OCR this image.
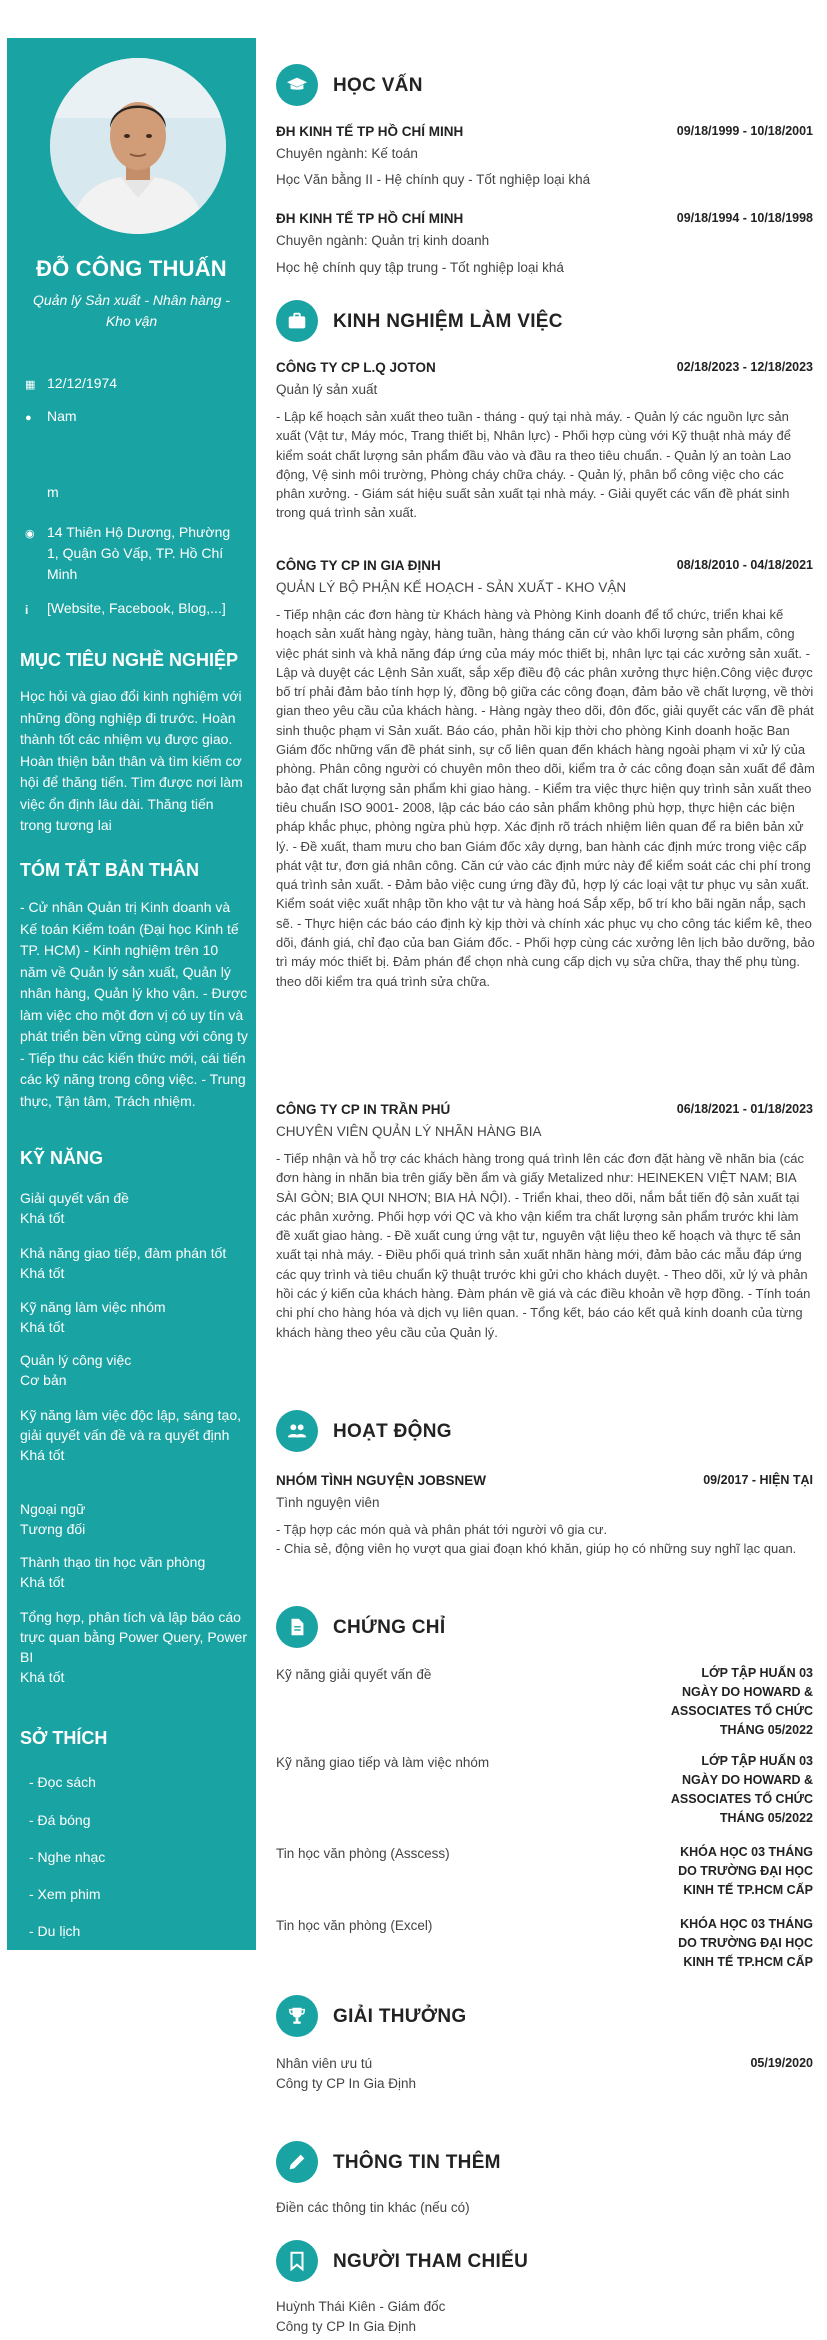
ĐỖ CÔNG THUẤN
Quản lý Sản xuất - Nhân hàng - Kho vận
▦ 12/12/1974
●	Nam
m
◉ 14 Thiên Hộ Dương, Phường 1, Quận Gò Vấp, TP. Hồ Chí Minh
i	[Website, Facebook, Blog,...]
MỤC TIÊU NGHỀ NGHIỆP
Học hỏi và giao đổi kinh nghiệm với những đồng nghiệp đi trước. Hoàn thành tốt các nhiệm vụ được giao. Hoàn thiện bản thân và tìm kiếm cơ hội để thăng tiến. Tìm được nơi làm việc ổn định lâu dài. Thăng tiến trong tương lai
TÓM TẮT BẢN THÂN
- Cử nhân Quản trị Kinh doanh và Kế toán Kiểm toán (Đại học Kinh tế TP. HCM) - Kinh nghiệm trên 10 năm về Quản lý sản xuất, Quản lý nhân hàng, Quản lý kho vận. - Được làm việc cho một đơn vị có uy tín và phát triển bền vững cùng với công ty - Tiếp thu các kiến thức mới, cái tiến các kỹ năng trong công việc. - Trung thực, Tận tâm, Trách nhiệm.
KỸ NĂNG
Giải quyết vấn đề
Khá tốt
Khả năng giao tiếp, đàm phán tốt
Khá tốt
Kỹ năng làm việc nhóm
Khá tốt
Quản lý công việc
Cơ bản
Kỹ năng làm việc độc lập, sáng tạo, giải quyết vấn đề và ra quyết định
Khá tốt
Ngoại ngữ
Tương đối
Thành thạo tin học văn phòng
Khá tốt
Tổng hợp, phân tích và lập báo cáo trực quan bằng Power Query, Power BI
Khá tốt
SỞ THÍCH
- Đọc sách
- Đá bóng
- Nghe nhạc
- Xem phim
- Du lịch
HỌC VẤN
ĐH KINH TẾ TP HỒ CHÍ MINH	09/18/1999 - 10/18/2001
Chuyên ngành: Kế toán
Học Văn bằng II - Hệ chính quy - Tốt nghiệp loại khá
ĐH KINH TẾ TP HỒ CHÍ MINH	09/18/1994 - 10/18/1998
Chuyên ngành: Quản trị kinh doanh
Học hệ chính quy tập trung - Tốt nghiệp loại khá
KINH NGHIỆM LÀM VIỆC
CÔNG TY CP L.Q JOTON	02/18/2023 - 12/18/2023
Quản lý sản xuất
- Lập kế hoạch sản xuất theo tuần - tháng - quý tại nhà máy. - Quản lý các nguồn lực sản xuất (Vật tư, Máy móc, Trang thiết bị, Nhân lực) - Phối hợp cùng với Kỹ thuật nhà máy để kiểm soát chất lượng sản phẩm đầu vào và đầu ra theo tiêu chuẩn. - Quản lý an toàn Lao động, Vệ sinh môi trường, Phòng cháy chữa cháy. - Quản lý, phân bổ công việc cho các phân xưởng. - Giám sát hiệu suất sản xuất tại nhà máy. - Giải quyết các vấn đề phát sinh trong quá trình sản xuất.
CÔNG TY CP IN GIA ĐỊNH	08/18/2010 - 04/18/2021
QUẢN LÝ BỘ PHẬN KẾ HOẠCH - SẢN XUẤT - KHO VẬN
- Tiếp nhận các đơn hàng từ Khách hàng và Phòng Kinh doanh để tổ chức, triển khai kế hoạch sản xuất hàng ngày, hàng tuần, hàng tháng căn cứ vào khối lượng sản phẩm, công việc phát sinh và khả năng đáp ứng của máy móc thiết bị, nhân lực tại các xưởng sản xuất. - Lập và duyệt các Lệnh Sản xuất, sắp xếp điều độ các phân xưởng thực hiện.Công việc được bố trí phải đảm bảo tính hợp lý, đồng bộ giữa các công đoạn, đảm bảo về chất lượng, về thời gian theo yêu cầu của khách hàng. - Hàng ngày theo dõi, đôn đốc, giải quyết các vấn đề phát sinh thuộc phạm vi Sản xuất. Báo cáo, phản hồi kịp thời cho phòng Kinh doanh hoặc Ban Giám đốc những vấn đề phát sinh, sự cố liên quan đến khách hàng ngoài phạm vi xử lý của phòng. Phân công người có chuyên môn theo dõi, kiểm tra ở các công đoạn sản xuất để đảm bảo đạt chất lượng sản phẩm khi giao hàng. - Kiểm tra việc thực hiện quy trình sản xuất theo tiêu chuẩn ISO 9001- 2008, lập các báo cáo sản phẩm không phù hợp, thực hiện các biện pháp khắc phục, phòng ngừa phù hợp. Xác định rõ trách nhiệm liên quan để ra biên bản xử lý. - Đề xuất, tham mưu cho ban Giám đốc xây dựng, ban hành các định mức trong việc cấp phát vật tư, đơn giá nhân công. Căn cứ vào các định mức này để kiểm soát các chi phí trong quá trình sản xuất. - Đảm bảo việc cung ứng đầy đủ, hợp lý các loại vật tư phục vụ sản xuất. Kiểm soát việc xuất nhập tồn kho vật tư và hàng hoá Sắp xếp, bố trí kho bãi ngăn nắp, sạch sẽ. - Thực hiện các báo cáo định kỳ kịp thời và chính xác phục vụ cho công tác kiểm kê, theo dõi, đánh giá, chỉ đạo của ban Giám đốc. - Phối hợp cùng các xưởng lên lịch bảo dưỡng, bảo trì máy móc thiết bị. Đảm phán để chọn nhà cung cấp dịch vụ sửa chữa, thay thế phụ tùng. theo dõi kiểm tra quá trình sửa chữa.
CÔNG TY CP IN TRẦN PHÚ	06/18/2021 - 01/18/2023
CHUYÊN VIÊN QUẢN LÝ NHÃN HÀNG BIA
- Tiếp nhận và hỗ trợ các khách hàng trong quá trình lên các đơn đặt hàng về nhãn bia (các đơn hàng in nhãn bia trên giấy bền ẩm và giấy Metalized như: HEINEKEN VIỆT NAM; BIA SÀI GÒN; BIA QUI NHƠN; BIA HÀ NỘI). - Triển khai, theo dõi, nắm bắt tiến độ sản xuất tại các phân xưởng. Phối hợp với QC và kho vận kiểm tra chất lượng sản phẩm trước khi làm đề xuất giao hàng. - Đề xuất cung ứng vật tư, nguyên vật liệu theo kế hoạch và thực tế sản xuất tại nhà máy. - Điều phối quá trình sản xuất nhãn hàng mới, đảm bảo các mẫu đáp ứng các quy trình và tiêu chuẩn kỹ thuật trước khi gửi cho khách duyệt. - Theo dõi, xử lý và phản hồi các ý kiến của khách hàng. Đàm phán về giá và các điều khoản về hợp đồng. - Tính toán chi phí cho hàng hóa và dịch vụ liên quan. - Tổng kết, báo cáo kết quả kinh doanh của từng khách hàng theo yêu cầu của Quản lý.
HOẠT ĐỘNG
NHÓM TÌNH NGUYỆN JOBSNEW	09/2017 - HIỆN TẠI
Tình nguyện viên
- Tập hợp các món quà và phân phát tới người vô gia cư.
- Chia sẻ, động viên họ vượt qua giai đoạn khó khăn, giúp họ có những suy nghĩ lạc quan.
CHỨNG CHỈ
Kỹ năng giải quyết vấn đề	LỚP TẬP HUẤN 03 NGÀY DO HOWARD & ASSOCIATES TỔ CHỨC THÁNG 05/2022
Kỹ năng giao tiếp và làm việc nhóm	LỚP TẬP HUẤN 03 NGÀY DO HOWARD & ASSOCIATES TỔ CHỨC THÁNG 05/2022
Tin học văn phòng (Asscess)	KHÓA HỌC 03 THÁNG DO TRƯỜNG ĐẠI HỌC KINH TẾ TP.HCM CẤP
Tin học văn phòng (Excel)	KHÓA HỌC 03 THÁNG DO TRƯỜNG ĐẠI HỌC KINH TẾ TP.HCM CẤP
GIẢI THƯỞNG
Nhân viên ưu tú	05/19/2020
Công ty CP In Gia Định
THÔNG TIN THÊM
Điền các thông tin khác (nếu có)
NGƯỜI THAM CHIẾU
Huỳnh Thái Kiên - Giám đốc
Công ty CP In Gia Định
